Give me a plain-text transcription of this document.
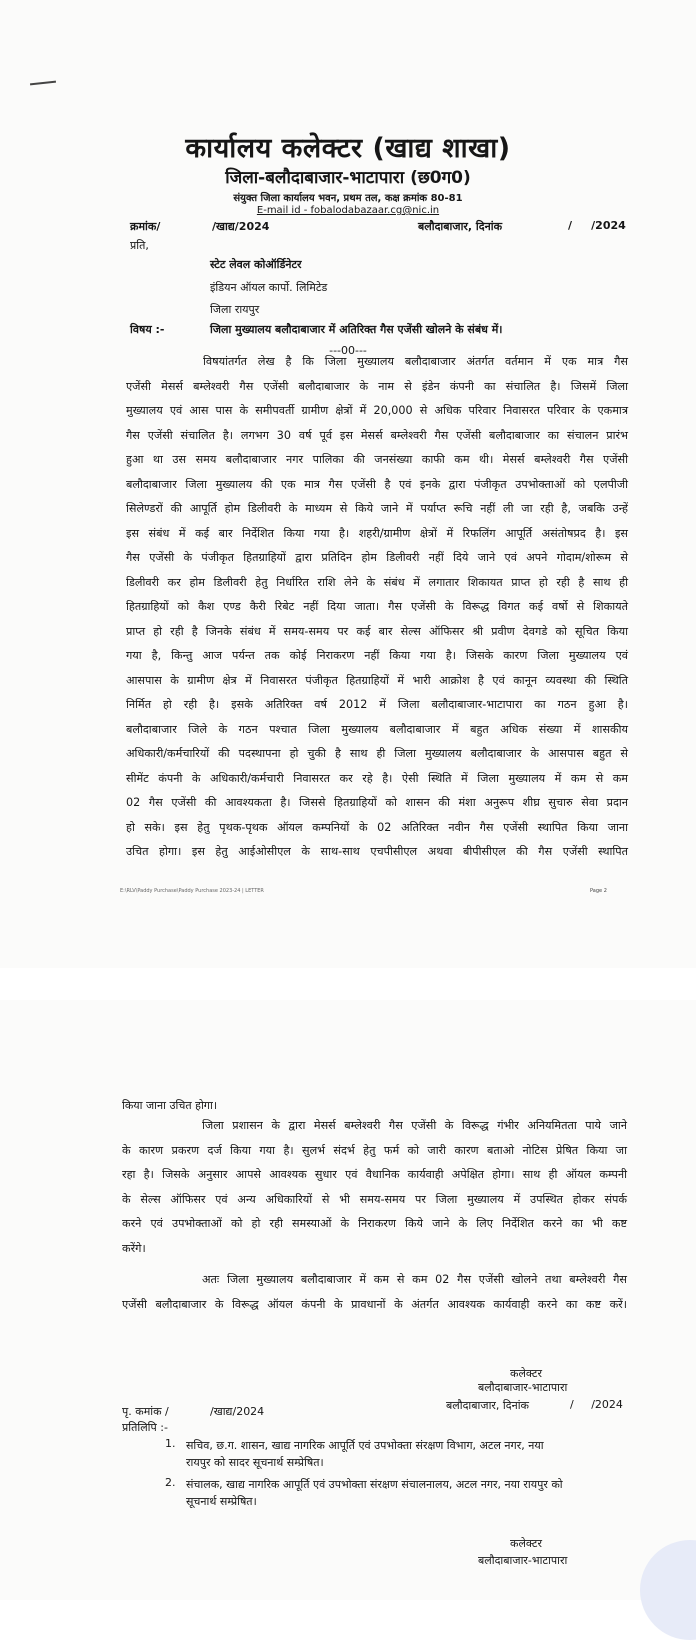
कार्यालय कलेक्टर (खाद्य शाखा)
जिला-बलौदाबाजार-भाटापारा (छ0ग0)
संयुक्त जिला कार्यालय भवन, प्रथम तल, कक्ष क्रमांक 80-81
E-mail id - fobalodabazaar.cg@nic.in
क्रमांक/	/खाद्य/2024	बलौदाबाजार, दिनांक	/     /2024
प्रति,
स्टेट लेवल कोऑर्डिनेटर
इंडियन ऑयल कार्पो. लिमिटेड
जिला रायपुर
विषय :-	जिला मुख्यालय बलौदाबाजार में अतिरिक्त गैस एजेंसी खोलने के संबंध में।
---00---
विषयांतर्गत लेख है कि जिला मुख्यालय बलौदाबाजार अंतर्गत वर्तमान में एक मात्र गैस
एजेंसी मेसर्स बम्लेश्वरी गैस एजेंसी बलौदाबाजार के नाम से इंडेन कंपनी का संचालित है। जिसमें जिला
मुख्यालय एवं आस पास के समीपवर्ती ग्रामीण क्षेत्रों में 20,000 से अधिक परिवार निवासरत परिवार के एकमात्र
गैस एजेंसी संचालित है। लगभग 30 वर्ष पूर्व इस मेसर्स बम्लेश्वरी गैस एजेंसी बलौदाबाजार का संचालन प्रारंभ
हुआ था उस समय बलौदाबाजार नगर पालिका की जनसंख्या काफी कम थी। मेसर्स बम्लेश्वरी गैस एजेंसी
बलौदाबाजार जिला मुख्यालय की एक मात्र गैस एजेंसी है एवं इनके द्वारा पंजीकृत उपभोक्ताओं को एलपीजी
सिलेण्डरों की आपूर्ति होम डिलीवरी के माध्यम से किये जाने में पर्याप्त रूचि नहीं ली जा रही है, जबकि उन्हें
इस संबंध में कई बार निर्देशित किया गया है। शहरी/ग्रामीण क्षेत्रों में रिफलिंग आपूर्ति असंतोषप्रद है। इस
गैस एजेंसी के पंजीकृत हितग्राहियों द्वारा प्रतिदिन होम डिलीवरी नहीं दिये जाने एवं अपने गोदाम/शोरूम से
डिलीवरी कर होम डिलीवरी हेतु निर्धारित राशि लेने के संबंध में लगातार शिकायत प्राप्त हो रही है साथ ही
हितग्राहियों को कैश एण्ड कैरी रिबेट नहीं दिया जाता। गैस एजेंसी के विरूद्ध विगत कई वर्षो से शिकायते
प्राप्त हो रही है जिनके संबंध में समय-समय पर कई बार सेल्स ऑफिसर श्री प्रवीण देवगडे को सूचित किया
गया है, किन्तु आज पर्यन्त तक कोई निराकरण नहीं किया गया है। जिसके कारण जिला मुख्यालय एवं
आसपास के ग्रामीण क्षेत्र में निवासरत पंजीकृत हितग्राहियों में भारी आक्रोश है एवं कानून व्यवस्था की स्थिति
निर्मित हो रही है। इसके अतिरिक्त वर्ष 2012 में जिला बलौदाबाजार-भाटापारा का गठन हुआ है।
बलौदाबाजार जिले के गठन पश्चात जिला मुख्यालय बलौदाबाजार में बहुत अधिक संख्या में शासकीय
अधिकारी/कर्मचारियों की पदस्थापना हो चुकी है साथ ही जिला मुख्यालय बलौदाबाजार के आसपास बहुत से
सीमेंट कंपनी के अधिकारी/कर्मचारी निवासरत कर रहे है। ऐसी स्थिति में जिला मुख्यालय में कम से कम
02 गैस एजेंसी की आवश्यकता है। जिससे हितग्राहियों को शासन की मंशा अनुरूप शीघ्र सुचारु सेवा प्रदान
हो सके। इस हेतु पृथक-पृथक ऑयल कम्पनियों के 02 अतिरिक्त नवीन गैस एजेंसी स्थापित किया जाना
उचित होगा। इस हेतु आईओसीएल के साथ-साथ एचपीसीएल अथवा बीपीसीएल की गैस एजेंसी स्थापित
E:\RLV\Paddy Purchase\Paddy Purchase 2023-24 | LETTER	Page 2
किया जाना उचित होगा।
जिला प्रशासन के द्वारा मेसर्स बम्लेश्वरी गैस एजेंसी के विरूद्ध गंभीर अनियमितता पाये जाने
के कारण प्रकरण दर्ज किया गया है। सुलर्भ संदर्भ हेतु फर्म को जारी कारण बताओ नोटिस प्रेषित किया जा
रहा है। जिसके अनुसार आपसे आवश्यक सुधार एवं वैधानिक कार्यवाही अपेक्षित होगा। साथ ही ऑयल कम्पनी
के सेल्स ऑफिसर एवं अन्य अधिकारियों से भी समय-समय पर जिला मुख्यालय में उपस्थित होकर संपर्क
करने एवं उपभोक्ताओं को हो रही समस्याओं के निराकरण किये जाने के लिए निर्देशित करने का भी कष्ट
करेंगे।
अतः जिला मुख्यालय बलौदाबाजार में कम से कम 02 गैस एजेंसी खोलने तथा बम्लेश्वरी गैस
एजेंसी बलौदाबाजार के विरूद्ध ऑयल कंपनी के प्रावधानों के अंतर्गत आवश्यक कार्यवाही करने का कष्ट करें।
कलेक्टर
बलौदाबाजार-भाटापारा
पृ. कमांक /	/खाद्य/2024	बलौदाबाजार, दिनांक	/     /2024
प्रतिलिपि :-
1. सचिव, छ.ग. शासन, खाद्य नागरिक आपूर्ति एवं उपभोक्ता संरक्षण विभाग, अटल नगर, नया
रायपुर को सादर सूचनार्थ सम्प्रेषित।
2. संचालक, खाद्य नागरिक आपूर्ति एवं उपभोक्ता संरक्षण संचालनालय, अटल नगर, नया रायपुर को
सूचनार्थ सम्प्रेषित।
कलेक्टर
बलौदाबाजार-भाटापारा
